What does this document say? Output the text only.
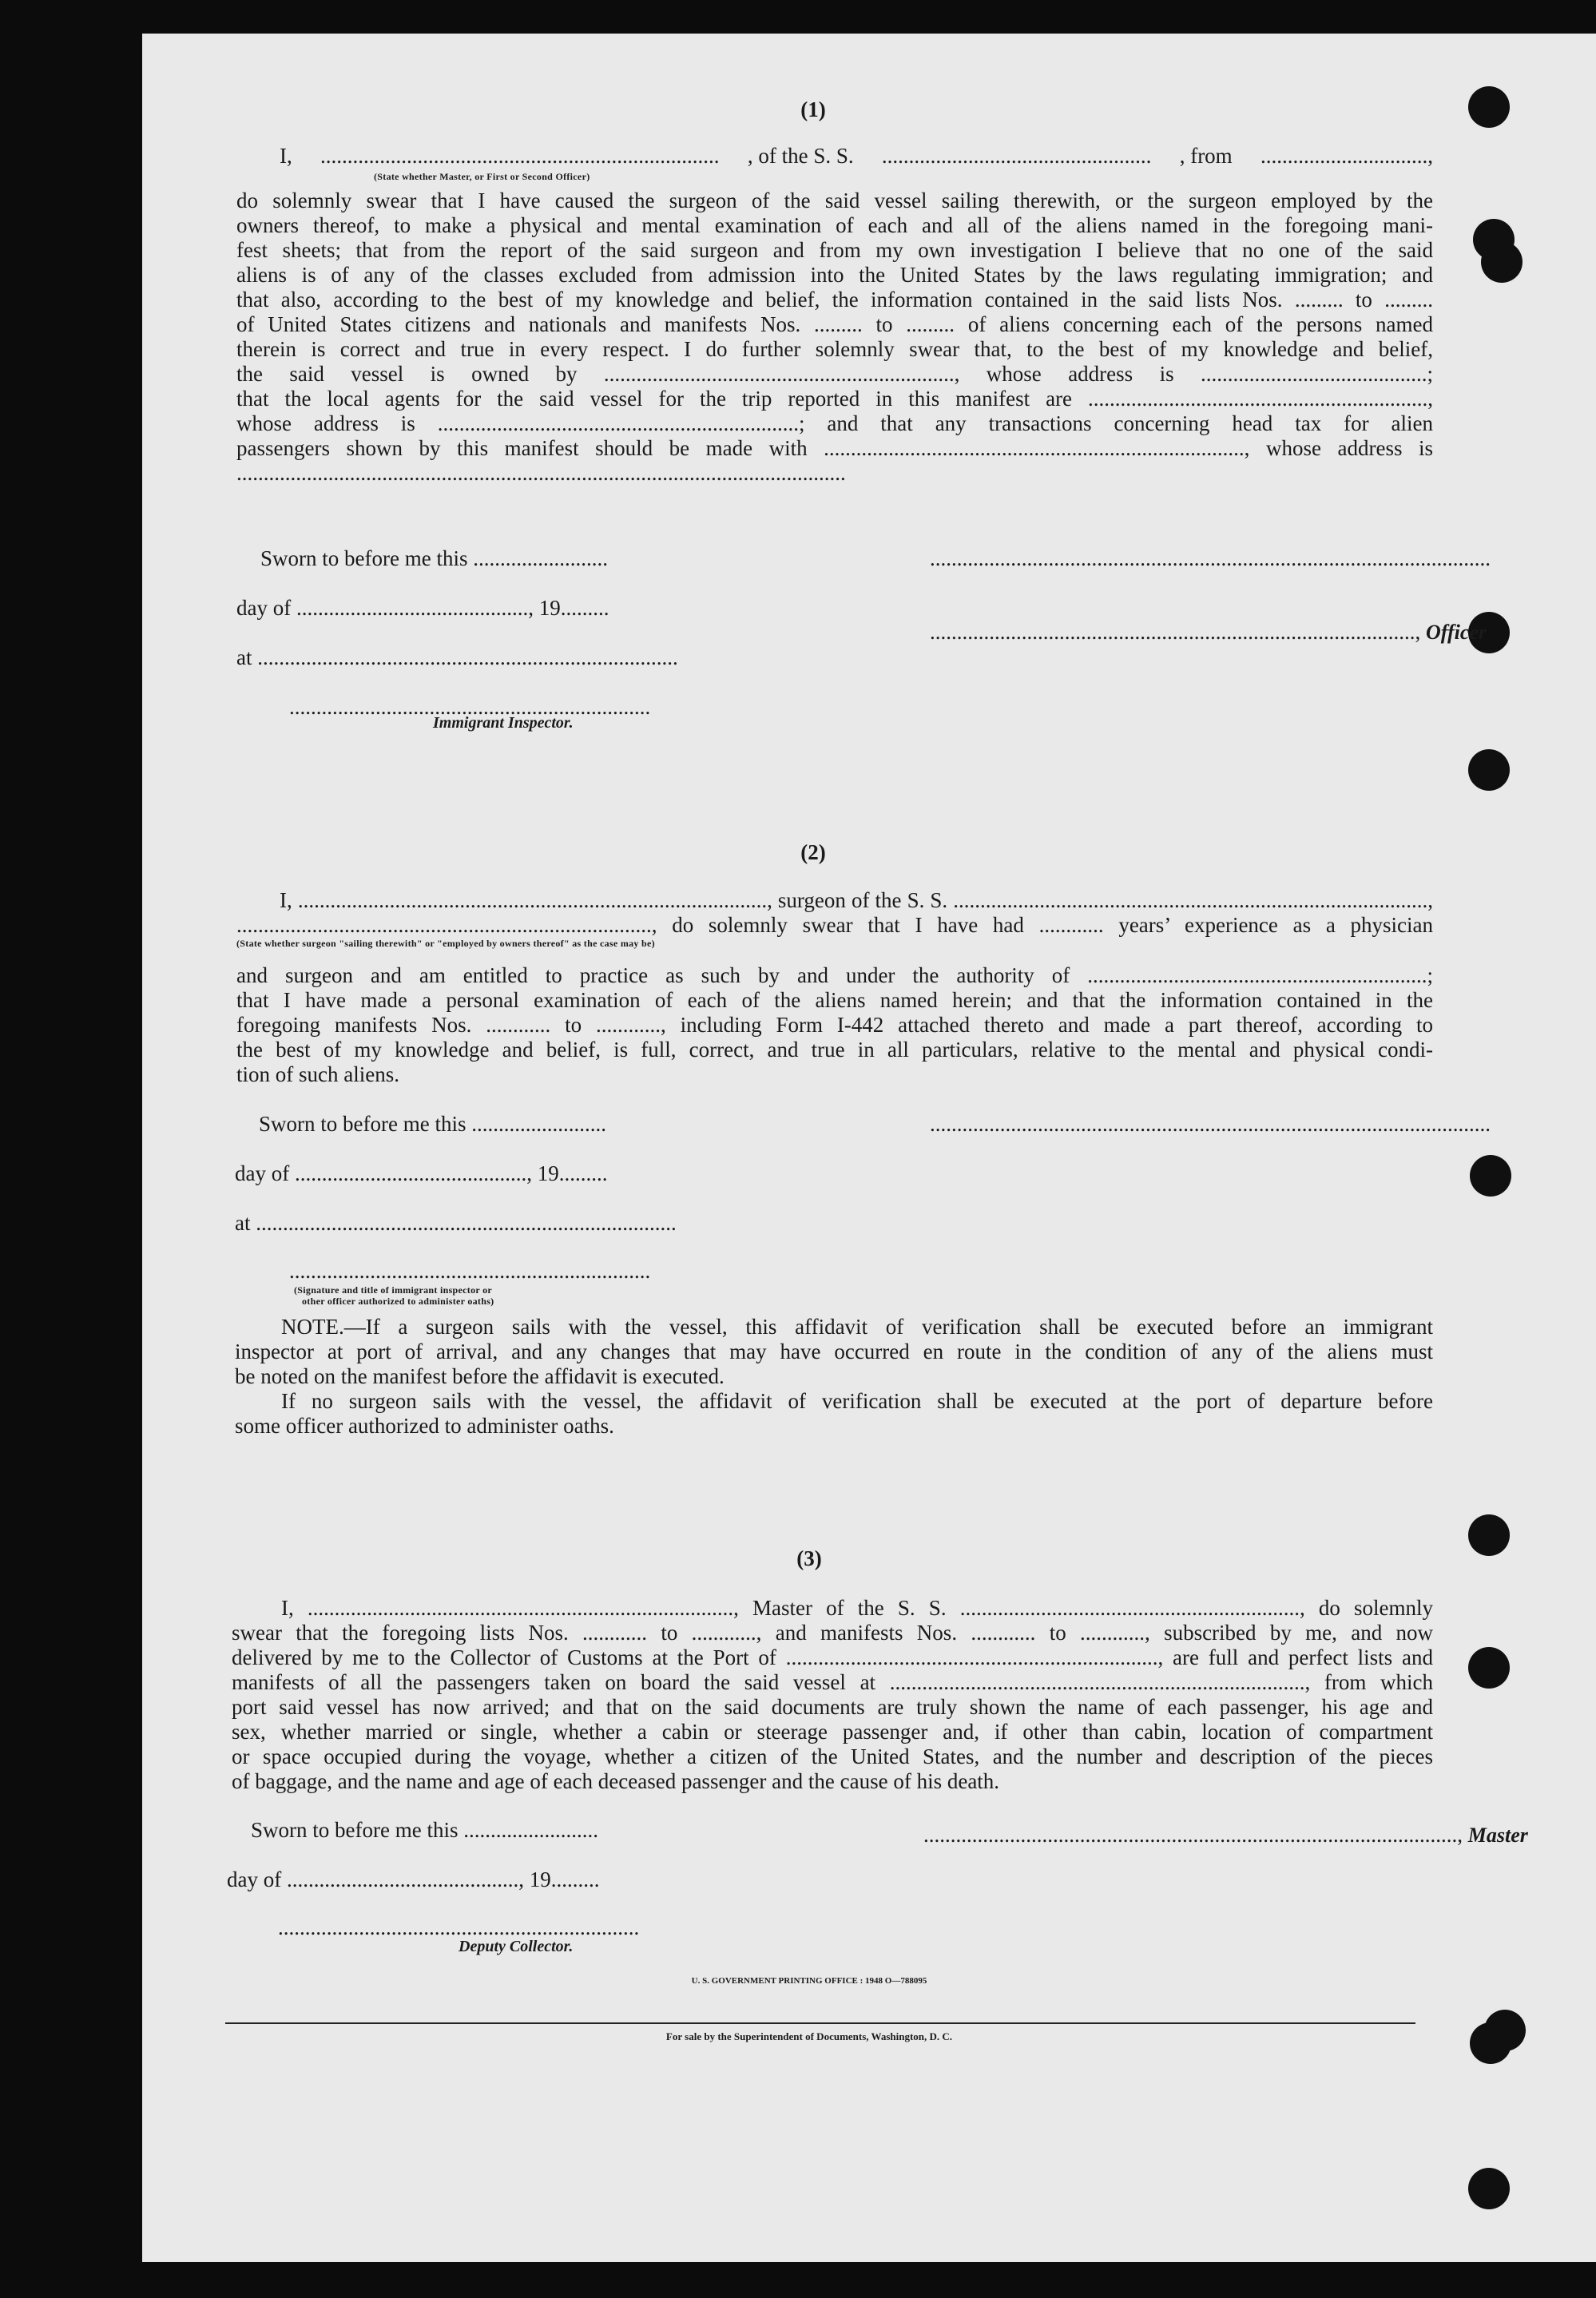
(1)
I, .......................................................................... , of the S. S. .................................................. , from ...............................,
(State whether Master, or First or Second Officer)
do solemnly swear that I have caused the surgeon of the said vessel sailing therewith, or the surgeon employed by the
owners thereof, to make a physical and mental examination of each and all of the aliens named in the foregoing mani-
fest sheets; that from the report of the said surgeon and from my own investigation I believe that no one of the said
aliens is of any of the classes excluded from admission into the United States by the laws regulating immigration; and
that also, according to the best of my knowledge and belief, the information contained in the said lists Nos. ......... to .........
of United States citizens and nationals and manifests Nos. ......... to ......... of aliens concerning each of the persons named
therein is correct and true in every respect. I do further solemnly swear that, to the best of my knowledge and belief,
the said vessel is owned by ................................................................., whose address is ..........................................;
that the local agents for the said vessel for the trip reported in this manifest are ...............................................................,
whose address is ...................................................................; and that any transactions concerning head tax for alien
passengers shown by this manifest should be made with .............................................................................., whose address is
.................................................................................................................
Sworn to before me this .........................	........................................................................................................
day of ..........................................., 19.........
.........................................................................................., Officer
at ..............................................................................
...................................................................
Immigrant Inspector.
(2)
I, ......................................................................................., surgeon of the S. S. ........................................................................................,
............................................................................., do solemnly swear that I have had ............ years’ experience as a physician
(State whether surgeon "sailing therewith" or "employed by owners thereof" as the case may be)
and surgeon and am entitled to practice as such by and under the authority of ...............................................................;
that I have made a personal examination of each of the aliens named herein; and that the information contained in the
foregoing manifests Nos. ............ to ............, including Form I-442 attached thereto and made a part thereof, according to
the best of my knowledge and belief, is full, correct, and true in all particulars, relative to the mental and physical condi-
tion of such aliens.
Sworn to before me this .........................	........................................................................................................
day of ..........................................., 19.........
at ..............................................................................
...................................................................
(Signature and title of immigrant inspector or
other officer authorized to administer oaths)
NOTE.—If a surgeon sails with the vessel, this affidavit of verification shall be executed before an immigrant
inspector at port of arrival, and any changes that may have occurred en route in the condition of any of the aliens must
be noted on the manifest before the affidavit is executed.
If no surgeon sails with the vessel, the affidavit of verification shall be executed at the port of departure before
some officer authorized to administer oaths.
(3)
I, ..............................................................................., Master of the S. S. ..............................................................., do solemnly
swear that the foregoing lists Nos. ............ to ............, and manifests Nos. ............ to ............, subscribed by me, and now
delivered by me to the Collector of Customs at the Port of ....................................................................., are full and perfect lists and
manifests of all the passengers taken on board the said vessel at ............................................................................., from which
port said vessel has now arrived; and that on the said documents are truly shown the name of each passenger, his age and
sex, whether married or single, whether a cabin or steerage passenger and, if other than cabin, location of compartment
or space occupied during the voyage, whether a citizen of the United States, and the number and description of the pieces
of baggage, and the name and age of each deceased passenger and the cause of his death.
Sworn to before me this .........................	..................................................................................................., Master
day of ..........................................., 19.........
...................................................................
Deputy Collector.
U. S. GOVERNMENT PRINTING OFFICE : 1948 O—788095
For sale by the Superintendent of Documents, Washington, D. C.
